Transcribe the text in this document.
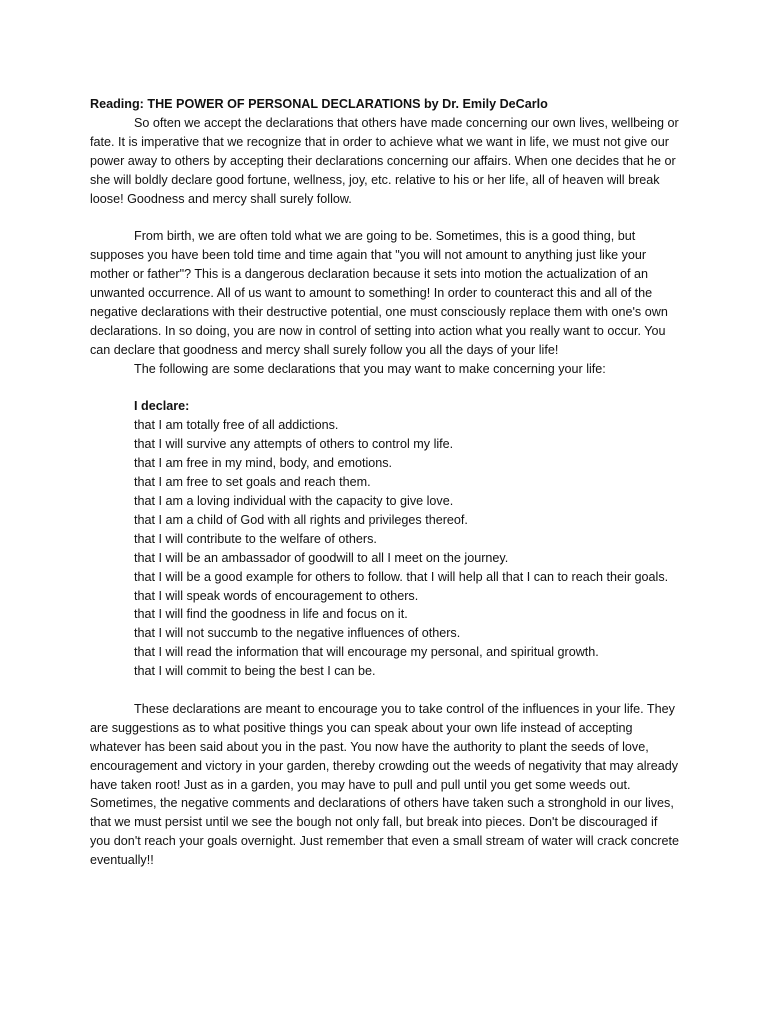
Reading: THE POWER OF PERSONAL DECLARATIONS by Dr. Emily DeCarlo

So often we accept the declarations that others have made concerning our own lives, wellbeing or fate. It is imperative that we recognize that in order to achieve what we want in life, we must not give our power away to others by accepting their declarations concerning our affairs. When one decides that he or she will boldly declare good fortune, wellness, joy, etc. relative to his or her life, all of heaven will break loose! Goodness and mercy shall surely follow.

From birth, we are often told what we are going to be. Sometimes, this is a good thing, but supposes you have been told time and time again that "you will not amount to anything just like your mother or father"? This is a dangerous declaration because it sets into motion the actualization of an unwanted occurrence. All of us want to amount to something! In order to counteract this and all of the negative declarations with their destructive potential, one must consciously replace them with one's own declarations. In so doing, you are now in control of setting into action what you really want to occur. You can declare that goodness and mercy shall surely follow you all the days of your life!

The following are some declarations that you may want to make concerning your life:

I declare:

that I am totally free of all addictions.

that I will survive any attempts of others to control my life.

that I am free in my mind, body, and emotions.

that I am free to set goals and reach them.

that I am a loving individual with the capacity to give love.

that I am a child of God with all rights and privileges thereof.

that I will contribute to the welfare of others.

that I will be an ambassador of goodwill to all I meet on the journey.

that I will be a good example for others to follow. that I will help all that I can to reach their goals.

that I will speak words of encouragement to others.

that I will find the goodness in life and focus on it.

that I will not succumb to the negative influences of others.

that I will read the information that will encourage my personal, and spiritual growth.

that I will commit to being the best I can be.

These declarations are meant to encourage you to take control of the influences in your life. They are suggestions as to what positive things you can speak about your own life instead of accepting whatever has been said about you in the past. You now have the authority to plant the seeds of love, encouragement and victory in your garden, thereby crowding out the weeds of negativity that may already have taken root! Just as in a garden, you may have to pull and pull until you get some weeds out. Sometimes, the negative comments and declarations of others have taken such a stronghold in our lives, that we must persist until we see the bough not only fall, but break into pieces. Don't be discouraged if you don't reach your goals overnight. Just remember that even a small stream of water will crack concrete eventually!!
